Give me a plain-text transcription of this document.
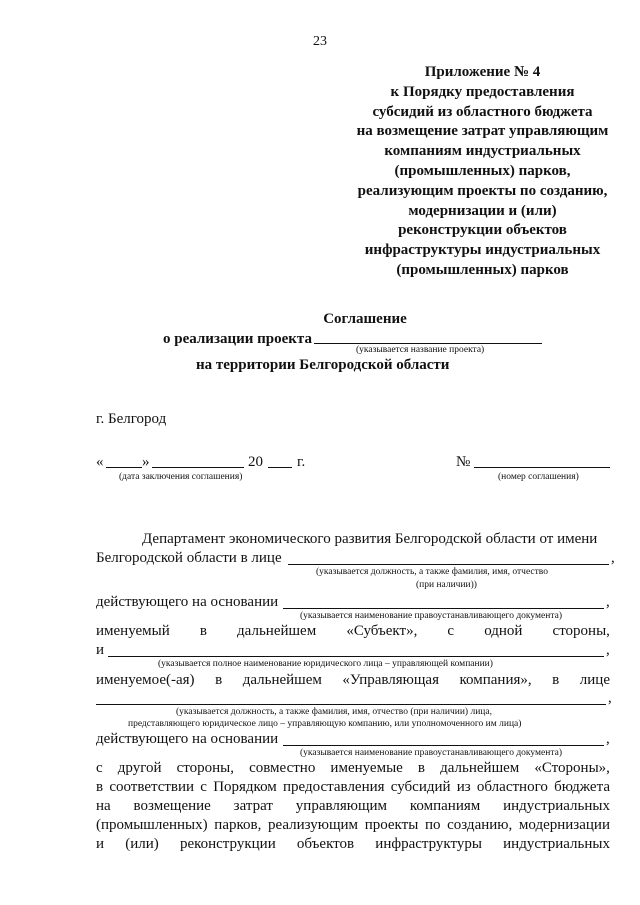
23
Приложение № 4
к Порядку предоставления
субсидий из областного бюджета
на возмещение затрат управляющим
компаниям индустриальных
(промышленных) парков,
реализующим проекты по созданию,
модернизации и (или)
реконструкции объектов
инфраструктуры индустриальных
(промышленных) парков
Соглашение
о реализации проекта
(указывается название проекта)
на территории Белгородской области
г. Белгород
«	»	20 г.
(дата заключения соглашения)
№
(номер соглашения)
Департамент экономического развития Белгородской области от имени
Белгородской области в лице	,
(указывается должность, а также фамилия, имя, отчество
(при наличии))
действующего на основании	,
(указывается наименование правоустанавливающего документа)
именуемый в дальнейшем «Субъект», с одной стороны,
и	,
(указывается полное наименование юридического лица – управляющей компании)
именуемое(-ая) в дальнейшем «Управляющая компания», в лице
,
(указывается должность, а также фамилия, имя, отчество (при наличии) лица,
представляющего юридическое лицо – управляющую компанию, или уполномоченного им лица)
действующего на основании	,
(указывается наименование правоустанавливающего документа)
с другой стороны, совместно именуемые в дальнейшем «Стороны»,
в соответствии с Порядком предоставления субсидий из областного бюджета
на возмещение затрат управляющим компаниям индустриальных
(промышленных) парков, реализующим проекты по созданию, модернизации
и (или) реконструкции объектов инфраструктуры индустриальных
